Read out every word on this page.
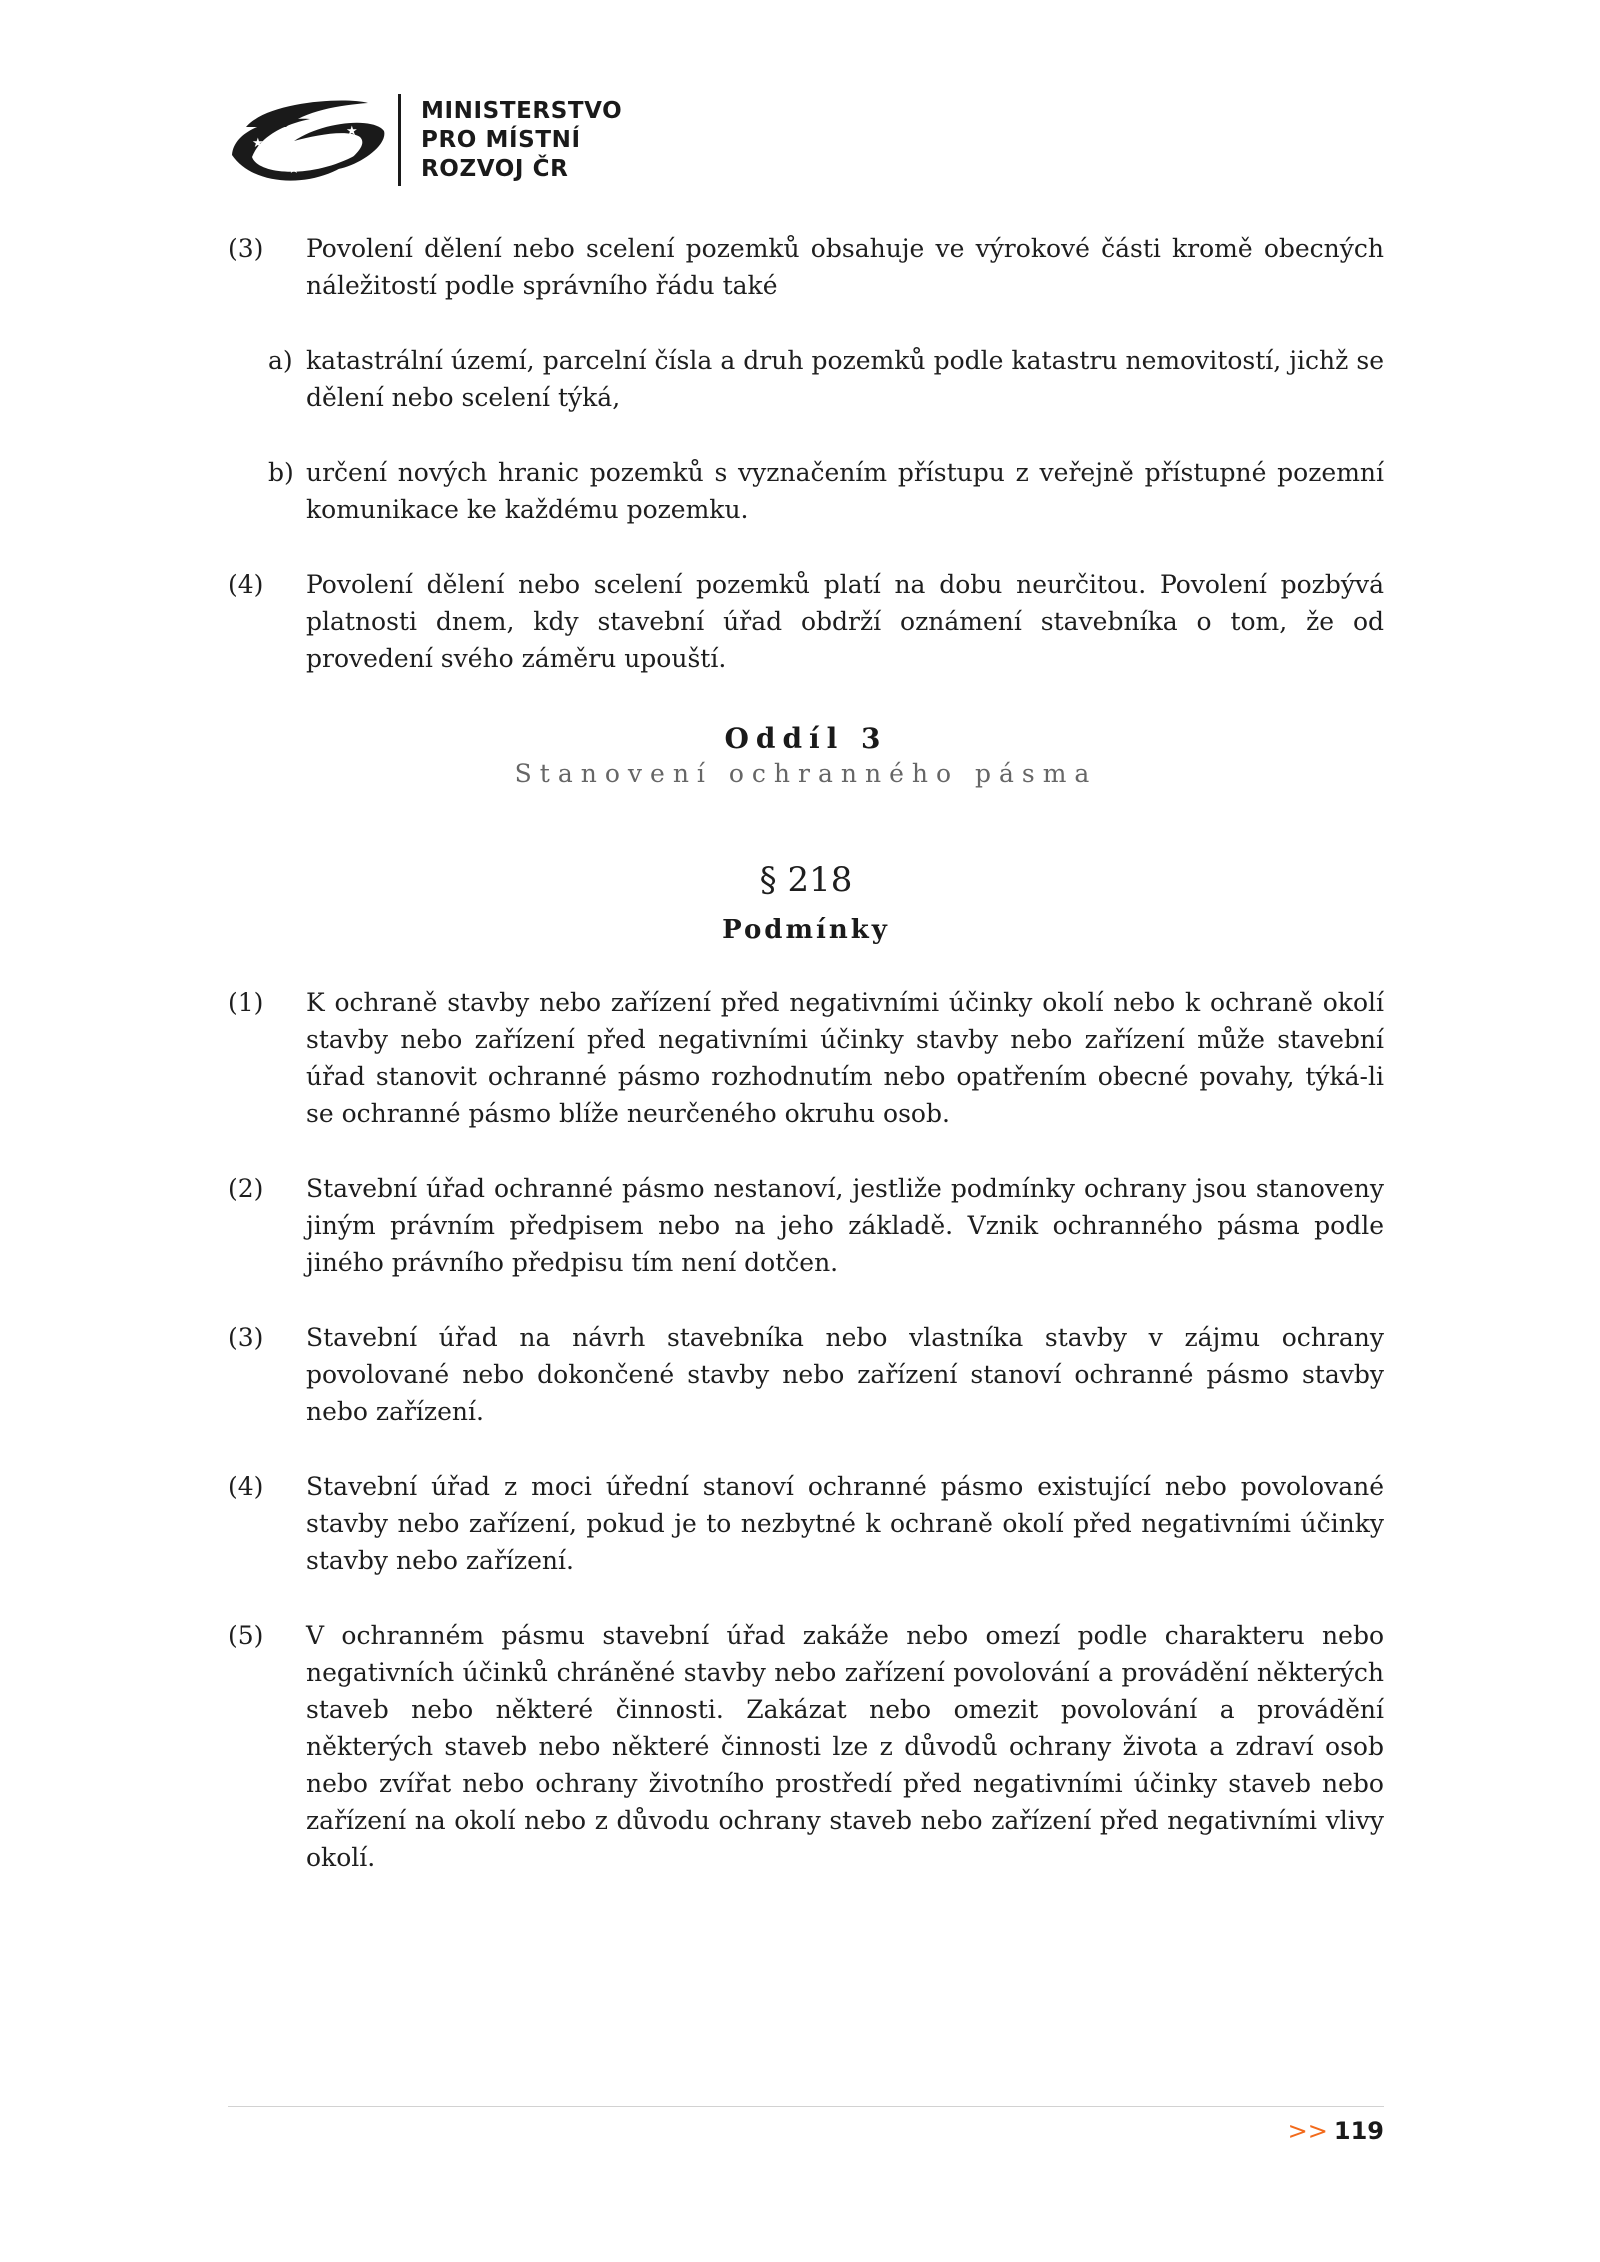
★
★ ★
★	★
★
★
MINISTERSTVO
PRO MÍSTNÍ
ROZVOJ ČR
(3)	Povolení dělení nebo scelení pozemků obsahuje ve výrokové části kromě obecných náležitostí podle správního řádu také
a) katastrální území, parcelní čísla a druh pozemků podle katastru nemovitostí, jichž se dělení nebo scelení týká,
b) určení nových hranic pozemků s vyznačením přístupu z veřejně přístupné pozemní komunikace ke každému pozemku.
(4)	Povolení dělení nebo scelení pozemků platí na dobu neurčitou. Povolení pozbývá platnosti dnem, kdy stavební úřad obdrží oznámení stavebníka o tom, že od provedení svého záměru upouští.
Oddíl 3
Stanovení ochranného pásma
§ 218
Podmínky
(1)	K ochraně stavby nebo zařízení před negativními účinky okolí nebo k ochraně okolí stavby nebo zařízení před negativními účinky stavby nebo zařízení může stavební úřad stanovit ochranné pásmo rozhodnutím nebo opatřením obecné povahy, týká-li se ochranné pásmo blíže neurčeného okruhu osob.
(2)	Stavební úřad ochranné pásmo nestanoví, jestliže podmínky ochrany jsou stanoveny jiným právním předpisem nebo na jeho základě. Vznik ochranného pásma podle jiného právního předpisu tím není dotčen.
(3)	Stavební úřad na návrh stavebníka nebo vlastníka stavby v zájmu ochrany povolované nebo dokončené stavby nebo zařízení stanoví ochranné pásmo stavby nebo zařízení.
(4)	Stavební úřad z moci úřední stanoví ochranné pásmo existující nebo povolované stavby nebo zařízení, pokud je to nezbytné k ochraně okolí před negativními účinky stavby nebo zařízení.
(5)	V ochranném pásmu stavební úřad zakáže nebo omezí podle charakteru nebo negativních účinků chráněné stavby nebo zařízení povolování a provádění některých staveb nebo některé činnosti. Zakázat nebo omezit povolování a provádění některých staveb nebo některé činnosti lze z důvodů ochrany života a zdraví osob nebo zvířat nebo ochrany životního prostředí před negativními účinky staveb nebo zařízení na okolí nebo z důvodu ochrany staveb nebo zařízení před negativními vlivy okolí.
>> 119
